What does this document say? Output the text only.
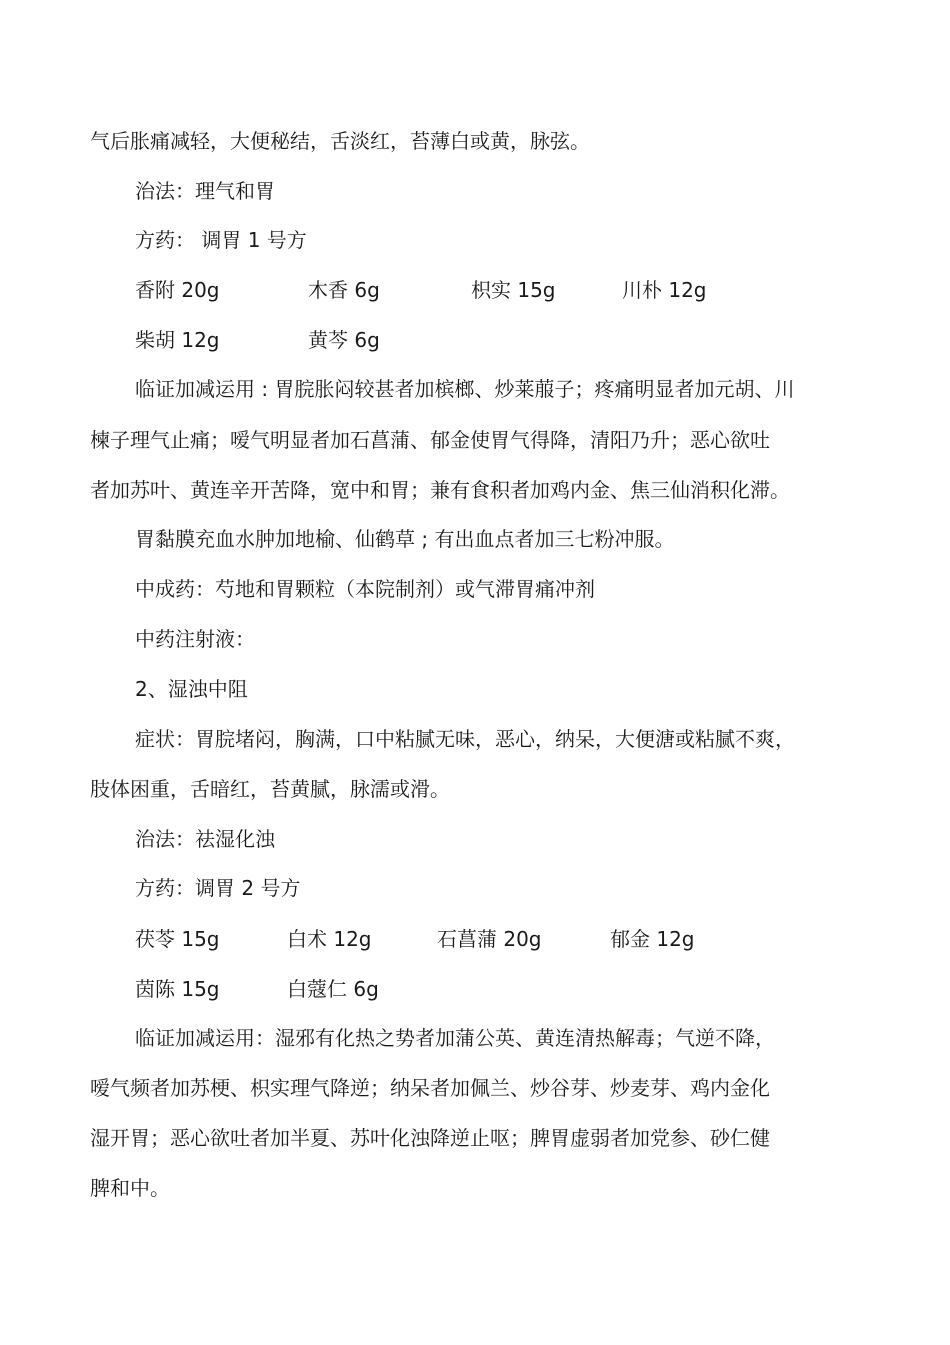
气后胀痛减轻，大便秘结，舌淡红，苔薄白或黄，脉弦。
治法：理气和胃
方药： 调胃 1 号方
香附 20g	木香 6g	枳实 15g	川朴 12g
柴胡 12g	黄芩 6g
临证加减运用 : 胃脘胀闷较甚者加槟榔、炒莱菔子；疼痛明显者加元胡、川
楝子理气止痛；嗳气明显者加石菖蒲、郁金使胃气得降，清阳乃升；恶心欲吐
者加苏叶、黄连辛开苦降，宽中和胃；兼有食积者加鸡内金、焦三仙消积化滞。
胃黏膜充血水肿加地榆、仙鹤草 ; 有出血点者加三七粉冲服。
中成药：芍地和胃颗粒（本院制剂）或气滞胃痛冲剂
中药注射液：
2、湿浊中阻
症状：胃脘堵闷，胸满，口中粘腻无味，恶心，纳呆，大便溏或粘腻不爽，
肢体困重，舌暗红，苔黄腻，脉濡或滑。
治法：祛湿化浊
方药：调胃 2 号方
茯苓 15g	白术 12g	石菖蒲 20g	郁金 12g
茵陈 15g	白蔻仁 6g
临证加减运用：湿邪有化热之势者加蒲公英、黄连清热解毒；气逆不降，
嗳气频者加苏梗、枳实理气降逆；纳呆者加佩兰、炒谷芽、炒麦芽、鸡内金化
湿开胃；恶心欲吐者加半夏、苏叶化浊降逆止呕；脾胃虚弱者加党参、砂仁健
脾和中。
